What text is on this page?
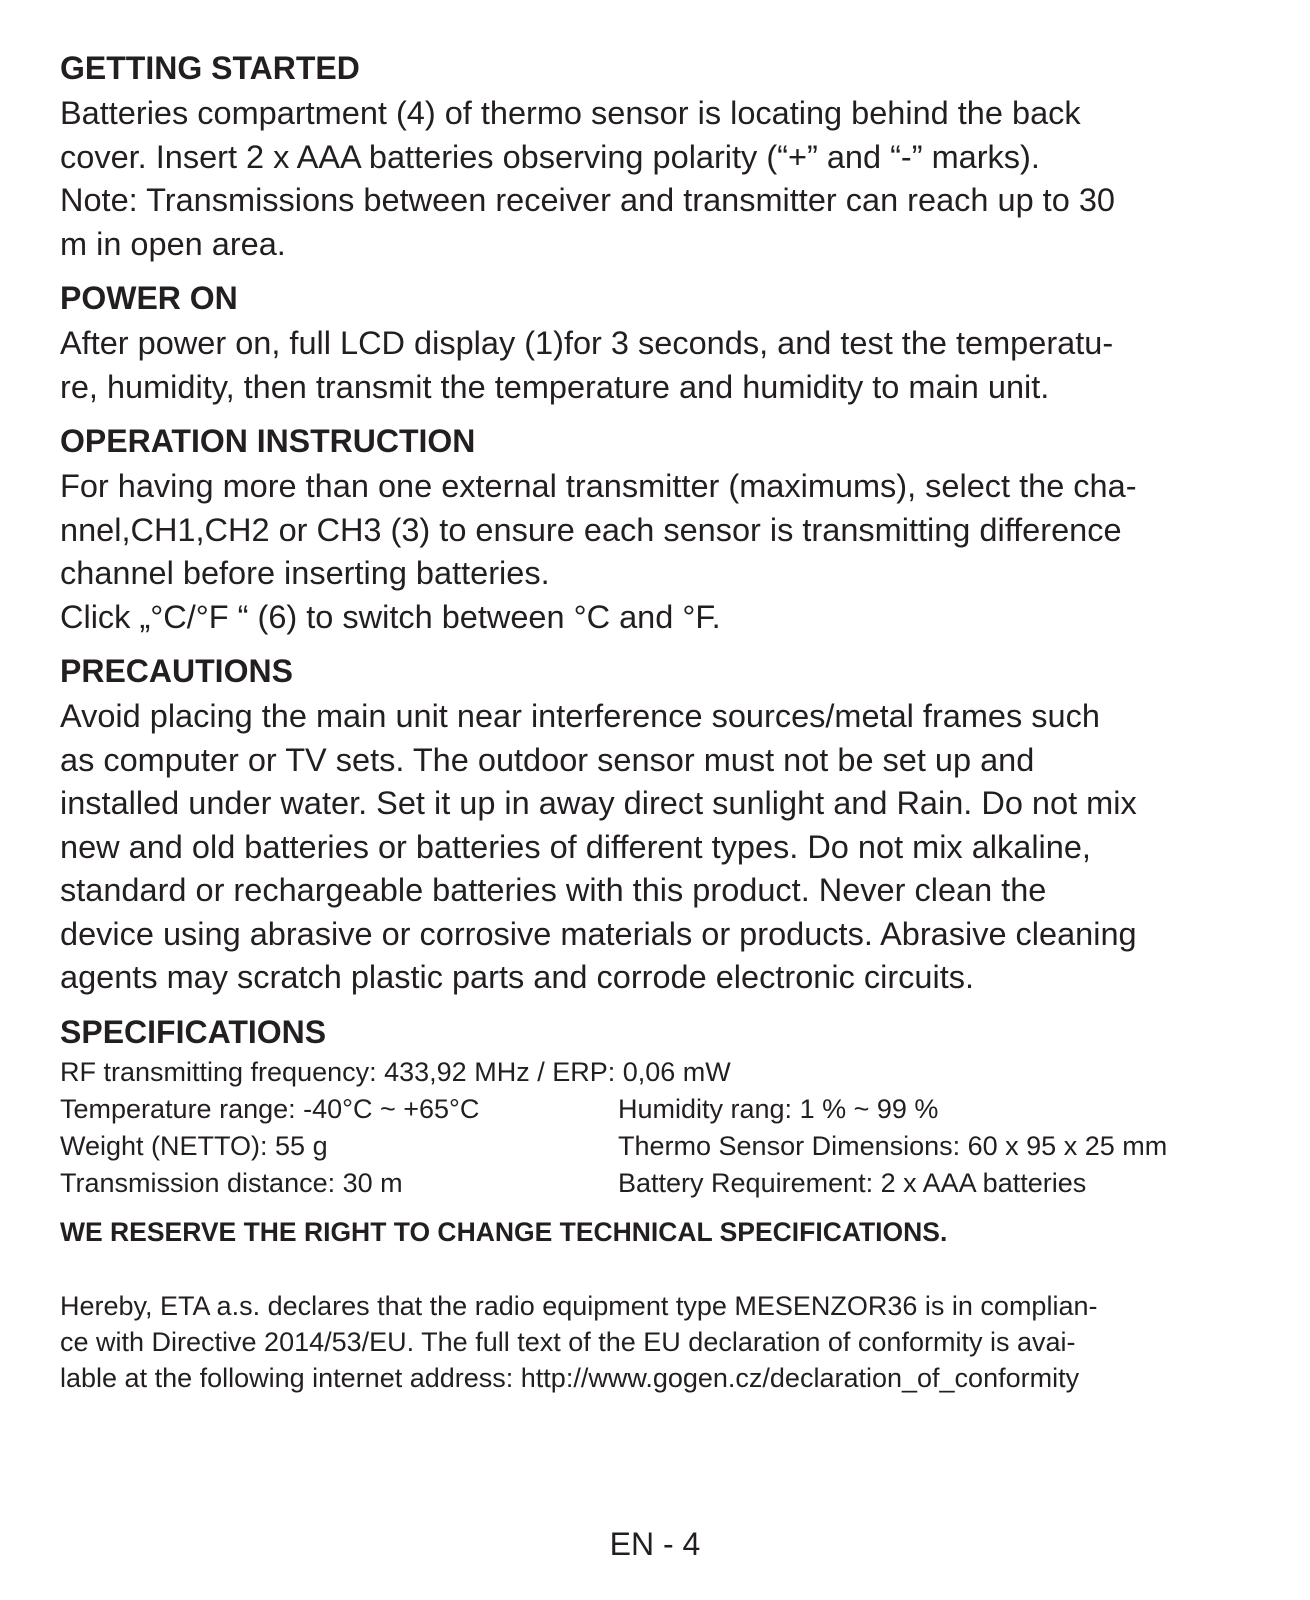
GETTING STARTED

Batteries compartment (4) of thermo sensor is locating behind the back
cover. Insert 2 x AAA batteries observing polarity (“+” and “-” marks).
Note: Transmissions between receiver and transmitter can reach up to 30
m in open area.

POWER ON

After power on, full LCD display (1)for 3 seconds, and test the temperatu-
re, humidity, then transmit the temperature and humidity to main unit.

OPERATION INSTRUCTION

For having more than one external transmitter (maximums), select the cha-
nnel,CH1,CH2 or CH3 (3) to ensure each sensor is transmitting difference
channel before inserting batteries.
Click „°C/°F “ (6) to switch between °C and °F.

PRECAUTIONS

Avoid placing the main unit near interference sources/metal frames such
as computer or TV sets. The outdoor sensor must not be set up and
installed under water. Set it up in away direct sunlight and Rain. Do not mix
new and old batteries or batteries of different types. Do not mix alkaline,
standard or rechargeable batteries with this product. Never clean the
device using abrasive or corrosive materials or products. Abrasive cleaning
agents may scratch plastic parts and corrode electronic circuits.

SPECIFICATIONS
RF transmitting frequency: 433,92 MHz / ERP: 0,06 mW
Temperature range: -40°C ~ +65°C	Humidity rang: 1 % ~ 99 %
Weight (NETTO): 55 g	Thermo Sensor Dimensions: 60 x 95 x 25 mm
Transmission distance: 30 m	Battery Requirement: 2 x AAA batteries
WE RESERVE THE RIGHT TO CHANGE TECHNICAL SPECIFICATIONS.
Hereby, ETA a.s. declares that the radio equipment type MESENZOR36 is in complian-
ce with Directive 2014/53/EU. The full text of the EU declaration of conformity is avai-
lable at the following internet address: http://www.gogen.cz/declaration_of_conformity
EN - 4
